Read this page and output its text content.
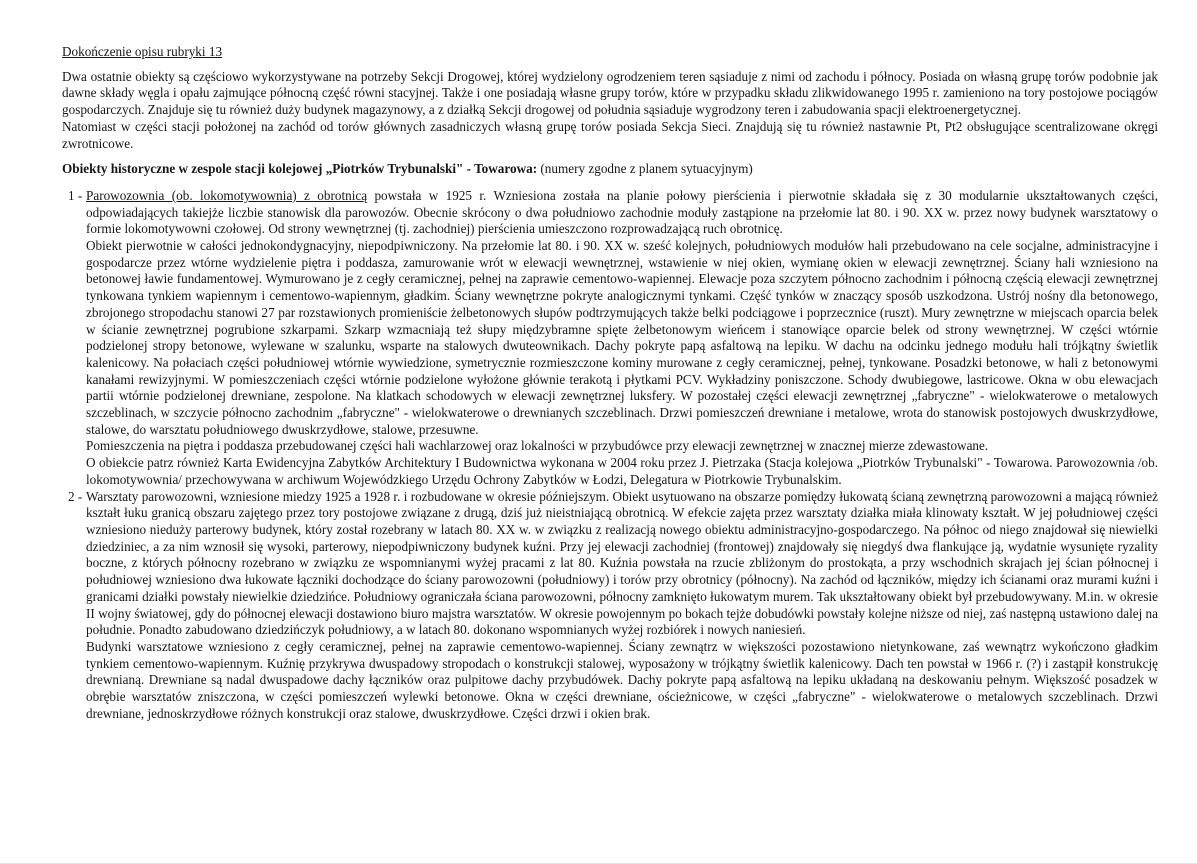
Dokończenie opisu rubryki 13

Dwa ostatnie obiekty są częściowo wykorzystywane na potrzeby Sekcji Drogowej, której wydzielony ogrodzeniem teren sąsiaduje z nimi od zachodu i północy. Posiada on własną grupę torów podobnie jak dawne składy węgla i opału zajmujące północną część równi stacyjnej. Także i one posiadają własne grupy torów, które w przypadku składu zlikwidowanego 1995 r. zamieniono na tory postojowe pociągów gospodarczych. Znajduje się tu również duży budynek magazynowy, a z działką Sekcji drogowej od południa sąsiaduje wygrodzony teren i zabudowania spacji elektroenergetycznej.

Natomiast w części stacji położonej na zachód od torów głównych zasadniczych własną grupę torów posiada Sekcja Sieci. Znajdują się tu również nastawnie Pt, Pt2 obsługujące scentralizowane okręgi zwrotnicowe.

Obiekty historyczne w zespole stacji kolejowej „Piotrków Trybunalski" - Towarowa: (numery zgodne z planem sytuacyjnym)
1 - Parowozownia (ob. lokomotywownia) z obrotnicą powstała w 1925 r. Wzniesiona została na planie połowy pierścienia i pierwotnie składała się z 30 modularnie ukształtowanych części, odpowiadających takiejże liczbie stanowisk dla parowozów. Obecnie skrócony o dwa południowo zachodnie moduły zastąpione na przełomie lat 80. i 90. XX w. przez nowy budynek warsztatowy o formie lokomotywowni czołowej. Od strony wewnętrznej (tj. zachodniej) pierścienia umieszczono rozprowadzającą ruch obrotnicę.

Obiekt pierwotnie w całości jednokondygnacyjny, niepodpiwniczony. Na przełomie lat 80. i 90. XX w. sześć kolejnych, południowych modułów hali przebudowano na cele socjalne, administracyjne i gospodarcze przez wtórne wydzielenie piętra i poddasza, zamurowanie wrót w elewacji wewnętrznej, wstawienie w niej okien, wymianę okien w elewacji zewnętrznej. Ściany hali wzniesiono na betonowej ławie fundamentowej. Wymurowano je z cegły ceramicznej, pełnej na zaprawie cementowo-wapiennej. Elewacje poza szczytem północno zachodnim i północną częścią elewacji zewnętrznej tynkowana tynkiem wapiennym i cementowo-wapiennym, gładkim. Ściany wewnętrzne pokryte analogicznymi tynkami. Część tynków w znaczący sposób uszkodzona. Ustrój nośny dla betonowego, zbrojonego stropodachu stanowi 27 par rozstawionych promieniście żelbetonowych słupów podtrzymujących także belki podciągowe i poprzecznice (ruszt). Mury zewnętrzne w miejscach oparcia belek w ścianie zewnętrznej pogrubione szkarpami. Szkarp wzmacniają też słupy międzybramne spięte żelbetonowym wieńcem i stanowiące oparcie belek od strony wewnętrznej. W części wtórnie podzielonej stropy betonowe, wylewane w szalunku, wsparte na stalowych dwuteownikach. Dachy pokryte papą asfaltową na lepiku. W dachu na odcinku jednego modułu hali trójkątny świetlik kalenicowy. Na połaciach części południowej wtórnie wywiedzione, symetrycznie rozmieszczone kominy murowane z cegły ceramicznej, pełnej, tynkowane. Posadzki betonowe, w hali z betonowymi kanałami rewizyjnymi. W pomieszczeniach części wtórnie podzielone wyłożone głównie terakotą i płytkami PCV. Wykładziny poniszczone. Schody dwubiegowe, lastricowe. Okna w obu elewacjach partii wtórnie podzielonej drewniane, zespolone. Na klatkach schodowych w elewacji zewnętrznej luksfery. W pozostałej części elewacji zewnętrznej „fabryczne" - wielokwaterowe o metalowych szczeblinach, w szczycie północno zachodnim „fabryczne" - wielokwaterowe o drewnianych szczeblinach. Drzwi pomieszczeń drewniane i metalowe, wrota do stanowisk postojowych dwuskrzydłowe, stalowe, do warsztatu południowego dwuskrzydłowe, stalowe, przesuwne.

Pomieszczenia na piętra i poddasza przebudowanej części hali wachlarzowej oraz lokalności w przybudówce przy elewacji zewnętrznej w znacznej mierze zdewastowane.

O obiekcie patrz również Karta Ewidencyjna Zabytków Architektury I Budownictwa wykonana w 2004 roku przez J. Pietrzaka (Stacja kolejowa „Piotrków Trybunalski" - Towarowa. Parowozownia /ob. lokomotywownia/ przechowywana w archiwum Wojewódzkiego Urzędu Ochrony Zabytków w Łodzi, Delegatura w Piotrkowie Trybunalskim.

2 - Warsztaty parowozowni, wzniesione miedzy 1925 a 1928 r. i rozbudowane w okresie późniejszym. Obiekt usytuowano na obszarze pomiędzy łukowatą ścianą zewnętrzną parowozowni a mającą również kształt łuku granicą obszaru zajętego przez tory postojowe związane z drugą, dziś już nieistniającą obrotnicą. W efekcie zajęta przez warsztaty działka miała klinowaty kształt. W jej południowej części wzniesiono nieduży parterowy budynek, który został rozebrany w latach 80. XX w. w związku z realizacją nowego obiektu administracyjno-gospodarczego. Na północ od niego znajdował się niewielki dziedziniec, a za nim wznosił się wysoki, parterowy, niepodpiwniczony budynek kuźni. Przy jej elewacji zachodniej (frontowej) znajdowały się niegdyś dwa flankujące ją, wydatnie wysunięte ryzality boczne, z których północny rozebrano w związku ze wspomnianymi wyżej pracami z lat 80. Kuźnia powstała na rzucie zbliżonym do prostokąta, a przy wschodnich skrajach jej ścian północnej i południowej wzniesiono dwa łukowate łączniki dochodzące do ściany parowozowni (południowy) i torów przy obrotnicy (północny). Na zachód od łączników, między ich ścianami oraz murami kuźni i granicami działki powstały niewielkie dziedzińce. Południowy ograniczała ściana parowozowni, północny zamknięto łukowatym murem. Tak ukształtowany obiekt był przebudowywany. M.in. w okresie II wojny światowej, gdy do północnej elewacji dostawiono biuro majstra warsztatów. W okresie powojennym po bokach tejże dobudówki powstały kolejne niższe od niej, zaś następną ustawiono dalej na południe. Ponadto zabudowano dziedzińczyk południowy, a w latach 80. dokonano wspomnianych wyżej rozbiórek i nowych naniesień.

Budynki warsztatowe wzniesiono z cegły ceramicznej, pełnej na zaprawie cementowo-wapiennej. Ściany zewnątrz w większości pozostawiono nietynkowane, zaś wewnątrz wykończono gładkim tynkiem cementowo-wapiennym. Kuźnię przykrywa dwuspadowy stropodach o konstrukcji stalowej, wyposażony w trójkątny świetlik kalenicowy. Dach ten powstał w 1966 r. (?) i zastąpił konstrukcję drewnianą. Drewniane są nadal dwuspadowe dachy łączników oraz pulpitowe dachy przybudówek. Dachy pokryte papą asfaltową na lepiku układaną na deskowaniu pełnym. Większość posadzek w obrębie warsztatów zniszczona, w części pomieszczeń wylewki betonowe. Okna w części drewniane, ościeżnicowe, w części „fabryczne" - wielokwaterowe o metalowych szczeblinach. Drzwi drewniane, jednoskrzydłowe różnych konstrukcji oraz stalowe, dwuskrzydłowe. Części drzwi i okien brak.
